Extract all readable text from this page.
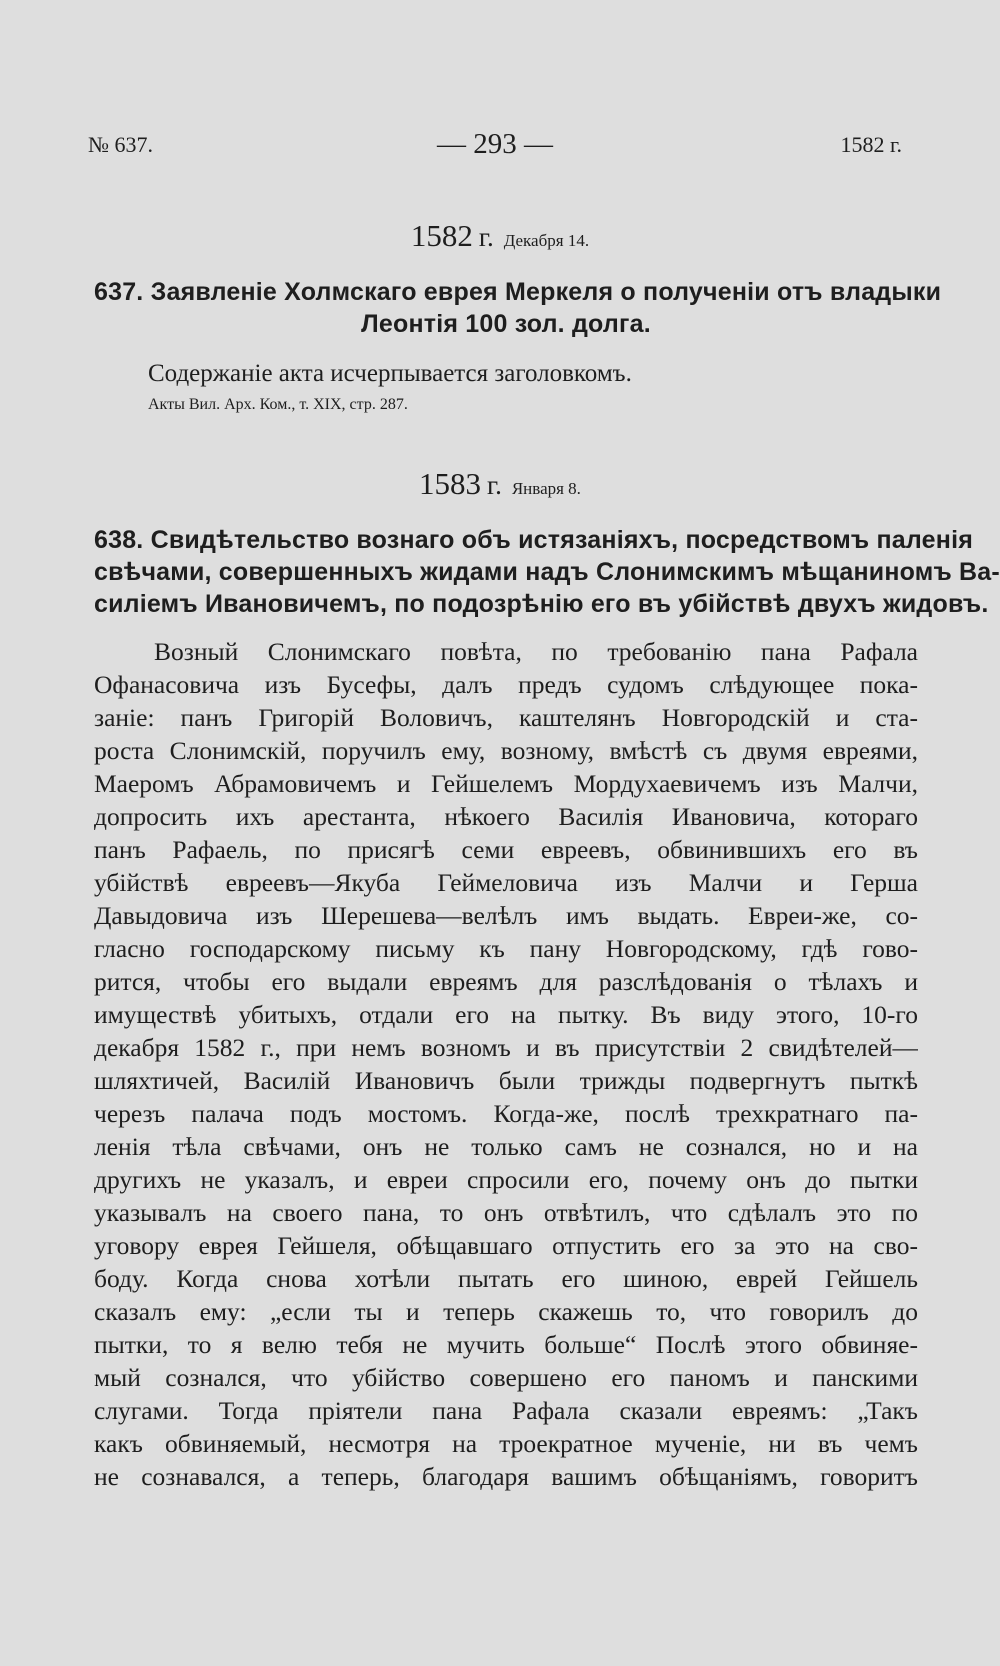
№ 637.	— 293 —	1582 г.
1582 г. Декабря 14.
637. Заявленіе Холмскаго еврея Меркеля о полученіи отъ владыки
Леонтія 100 зол. долга.
Содержаніе акта исчерпывается заголовкомъ.
Акты Вил. Арх. Ком., т. XIX, стр. 287.
1583 г. Января 8.
638. Свидѣтельство вознаго объ истязаніяхъ, посредствомъ паленія
свѣчами, совершенныхъ жидами надъ Слонимскимъ мѣщаниномъ Ва-
силіемъ Ивановичемъ, по подозрѣнію его въ убійствѣ двухъ жидовъ.
Возный Слонимскаго повѣта, по требованію пана Рафала
Офанасовича изъ Бусефы, далъ предъ судомъ слѣдующее пока-
заніе: панъ Григорій Воловичъ, каштелянъ Новгородскій и ста-
роста Слонимскій, поручилъ ему, возному, вмѣстѣ съ двумя евреями,
Маеромъ Абрамовичемъ и Гейшелемъ Мордухаевичемъ изъ Малчи,
допросить ихъ арестанта, нѣкоего Василія Ивановича, котораго
панъ Рафаель, по присягѣ семи евреевъ, обвинившихъ его въ
убійствѣ евреевъ—Якуба Геймеловича изъ Малчи и Герша
Давыдовича изъ Шерешева—велѣлъ имъ выдать. Евреи-же, со-
гласно господарскому письму къ пану Новгородскому, гдѣ гово-
рится, чтобы его выдали евреямъ для разслѣдованія о тѣлахъ и
имуществѣ убитыхъ, отдали его на пытку. Въ виду этого, 10-го
декабря 1582 г., при немъ возномъ и въ присутствіи 2 свидѣтелей—
шляхтичей, Василій Ивановичъ были трижды подвергнутъ пыткѣ
черезъ палача подъ мостомъ. Когда-же, послѣ трехкратнаго па-
ленія тѣла свѣчами, онъ не только самъ не сознался, но и на
другихъ не указалъ, и евреи спросили его, почему онъ до пытки
указывалъ на своего пана, то онъ отвѣтилъ, что сдѣлалъ это по
уговору еврея Гейшеля, обѣщавшаго отпустить его за это на сво-
боду. Когда снова хотѣли пытать его шиною, еврей Гейшель
сказалъ ему: „если ты и теперь скажешь то, что говорилъ до
пытки, то я велю тебя не мучить больше“ Послѣ этого обвиняе-
мый сознался, что убійство совершено его паномъ и панскими
слугами. Тогда пріятели пана Рафала сказали евреямъ: „Такъ
какъ обвиняемый, несмотря на троекратное мученіе, ни въ чемъ
не сознавался, а теперь, благодаря вашимъ обѣщаніямъ, говоритъ
